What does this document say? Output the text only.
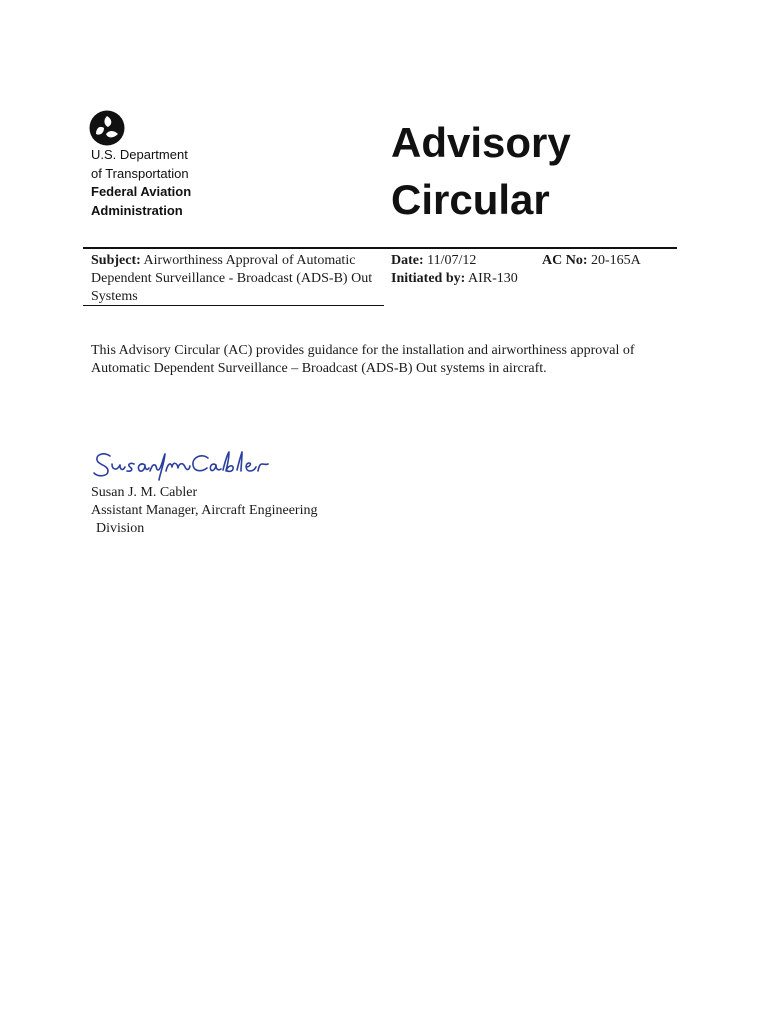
U.S. Department
of Transportation
Federal Aviation
Administration
Advisory
Circular
Subject: Airworthiness Approval of Automatic Dependent Surveillance - Broadcast (ADS-B) Out Systems
Date: 11/07/12
Initiated by: AIR-130
AC No: 20-165A
This Advisory Circular (AC) provides guidance for the installation and airworthiness approval of Automatic Dependent Surveillance – Broadcast (ADS-B) Out systems in aircraft.
Susan J. M. Cabler
Assistant Manager, Aircraft Engineering
Division
